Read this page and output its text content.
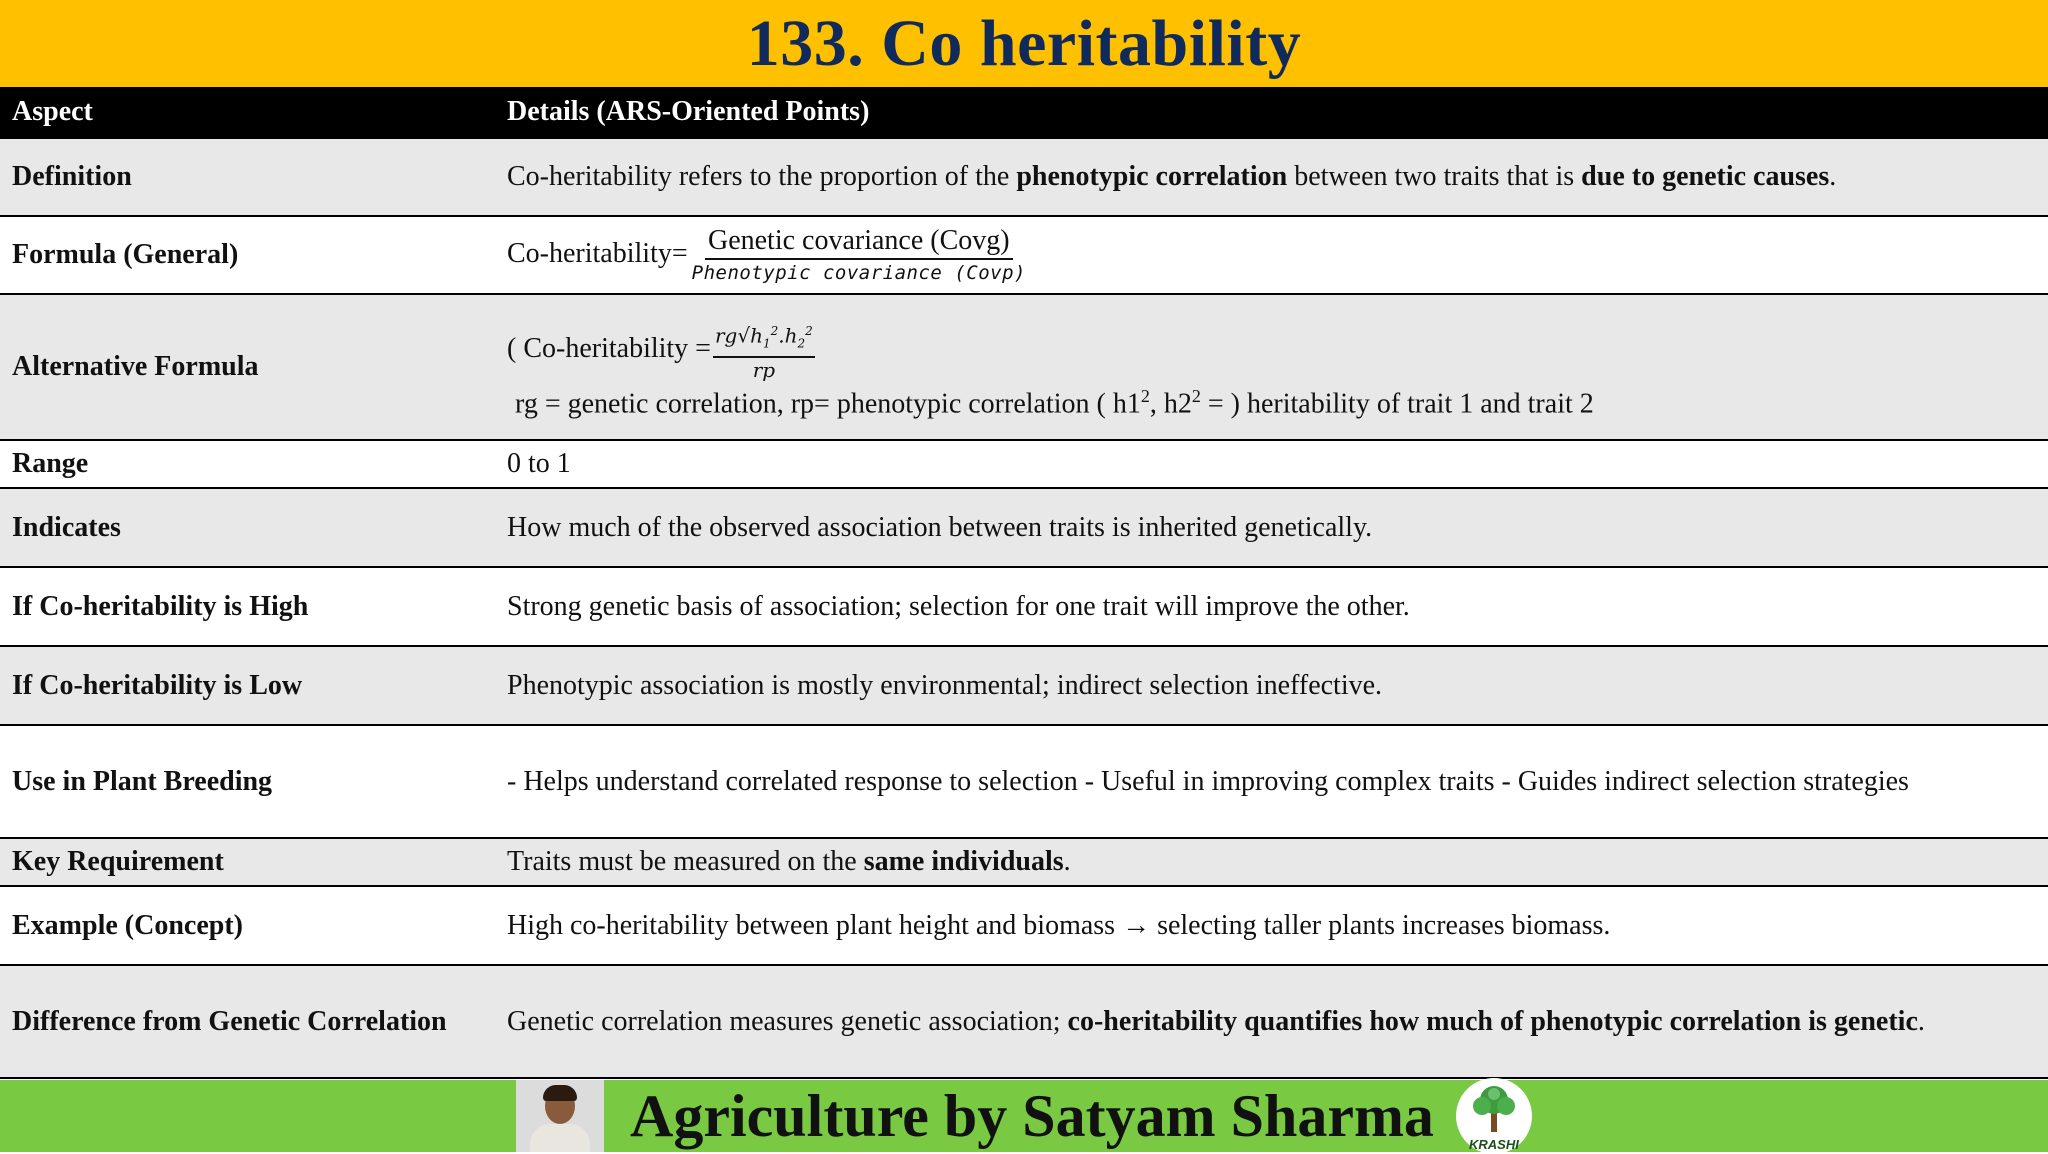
133. Co heritability
Aspect	Details (ARS-Oriented Points)
Definition	Co-heritability refers to the proportion of the phenotypic correlation between two traits that is due to genetic causes.
Formula (General)	Co-heritability= $\frac{\text{Genetic covariance (Covg)}}{\text{Phenotypic covariance (Covp)}}$

Alternative Formula	( Co-heritability = $\frac{rg√h_1^2.h_2^2}{rp}$
rg = genetic correlation, rp= phenotypic correlation ( $h1^2$, $h2^2$ = ) heritability of trait 1 and trait 2

Range	0 to 1
Indicates	How much of the observed association between traits is inherited genetically.
If Co-heritability is High	Strong genetic basis of association; selection for one trait will improve the other.
If Co-heritability is Low	Phenotypic association is mostly environmental; indirect selection ineffective.
Use in Plant Breeding	- Helps understand correlated response to selection - Useful in improving complex traits - Guides indirect selection strategies
Key Requirement	Traits must be measured on the same individuals.
Example (Concept)	High co-heritability between plant height and biomass → selecting taller plants increases biomass.
Difference from Genetic Correlation	Genetic correlation measures genetic association; co-heritability quantifies how much of phenotypic correlation is genetic.
Agriculture by Satyam Sharma	KRASHI
